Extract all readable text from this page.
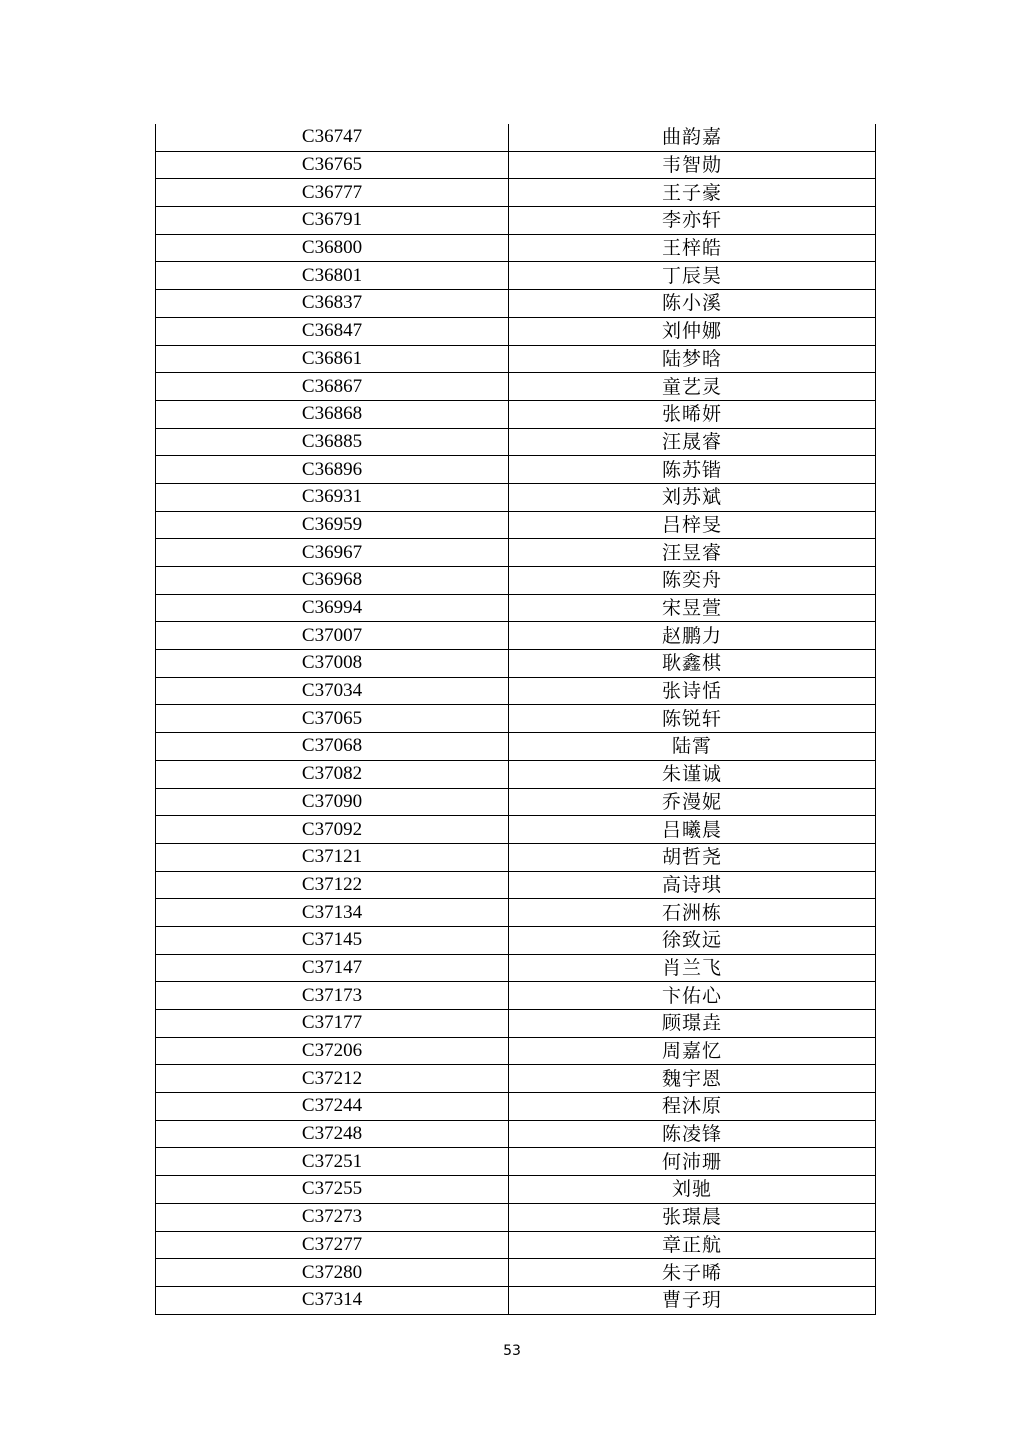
C36747	曲韵嘉
C36765	韦智勋
C36777	王子豪
C36791	李亦轩
C36800	王梓皓
C36801	丁辰昊
C36837	陈小溪
C36847	刘仲娜
C36861	陆梦晗
C36867	童艺灵
C36868	张晞妍
C36885	汪晟睿
C36896	陈苏锴
C36931	刘苏斌
C36959	吕梓旻
C36967	汪昱睿
C36968	陈奕舟
C36994	宋昱萱
C37007	赵鹏力
C37008	耿鑫棋
C37034	张诗恬
C37065	陈锐轩
C37068	陆霄
C37082	朱谨诚
C37090	乔漫妮
C37092	吕曦晨
C37121	胡哲尧
C37122	高诗琪
C37134	石洲栋
C37145	徐致远
C37147	肖兰飞
C37173	卞佑心
C37177	顾璟垚
C37206	周嘉忆
C37212	魏宇恩
C37244	程沐原
C37248	陈凌锋
C37251	何沛珊
C37255	刘驰
C37273	张璟晨
C37277	章正航
C37280	朱子晞
C37314	曹子玥
53
